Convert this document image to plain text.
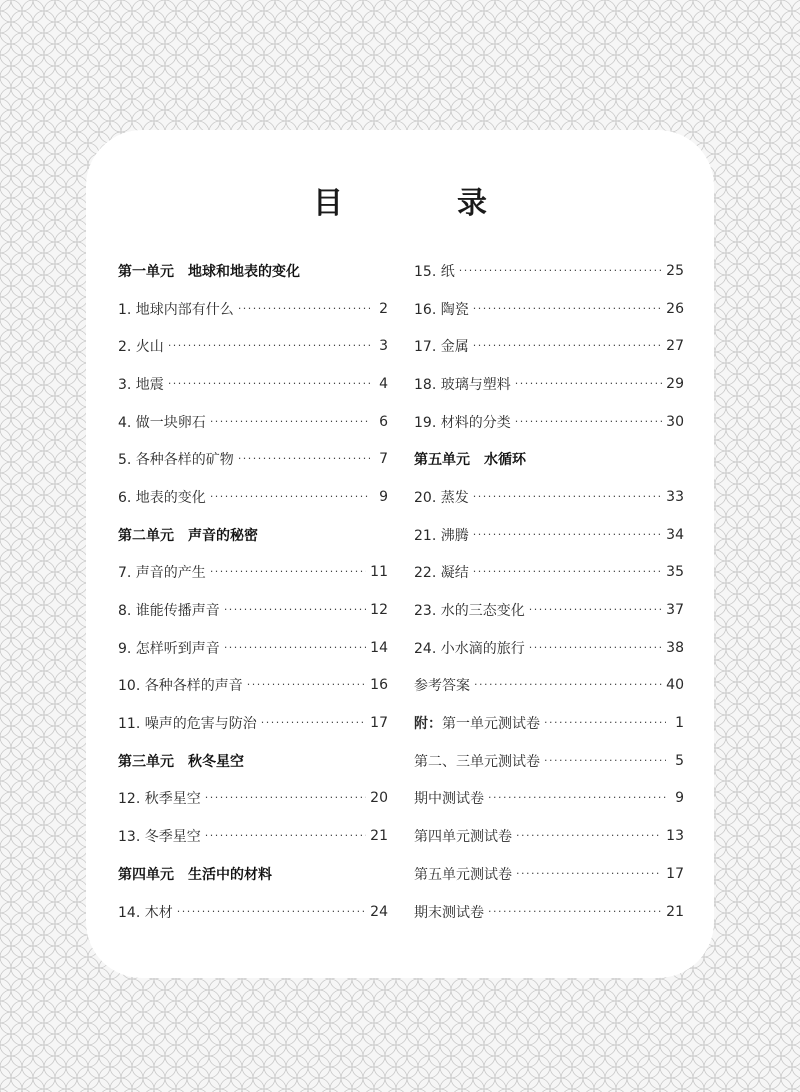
目　录
第一单元　地球和地表的变化
1. 地球内部有什么 ·····	2
2. 火山 ·····	3
3. 地震 ·····	4
4. 做一块卵石 ·····	6
5. 各种各样的矿物 ·····	7
6. 地表的变化 ·····	9
第二单元　声音的秘密
7. 声音的产生 ·····	11
8. 谁能传播声音 ·····	12
9. 怎样听到声音 ·····	14
10. 各种各样的声音 ·····	16
11. 噪声的危害与防治 ·····	17
第三单元　秋冬星空
12. 秋季星空 ·····	20
13. 冬季星空 ·····	21
第四单元　生活中的材料
14. 木材 ·····	24
15. 纸 ·····	25
16. 陶瓷 ·····	26
17. 金属 ·····	27
18. 玻璃与塑料 ·····	29
19. 材料的分类 ·····	30
第五单元　水循环
20. 蒸发 ·····	33
21. 沸腾 ·····	34
22. 凝结 ·····	35
23. 水的三态变化 ·····	37
24. 小水滴的旅行 ·····	38
参考答案 ·····	40
附： 第一单元测试卷 ·····	1
第二、三单元测试卷 ·····	5
期中测试卷 ·····	9
第四单元测试卷 ·····	13
第五单元测试卷 ·····	17
期末测试卷 ·····	21
